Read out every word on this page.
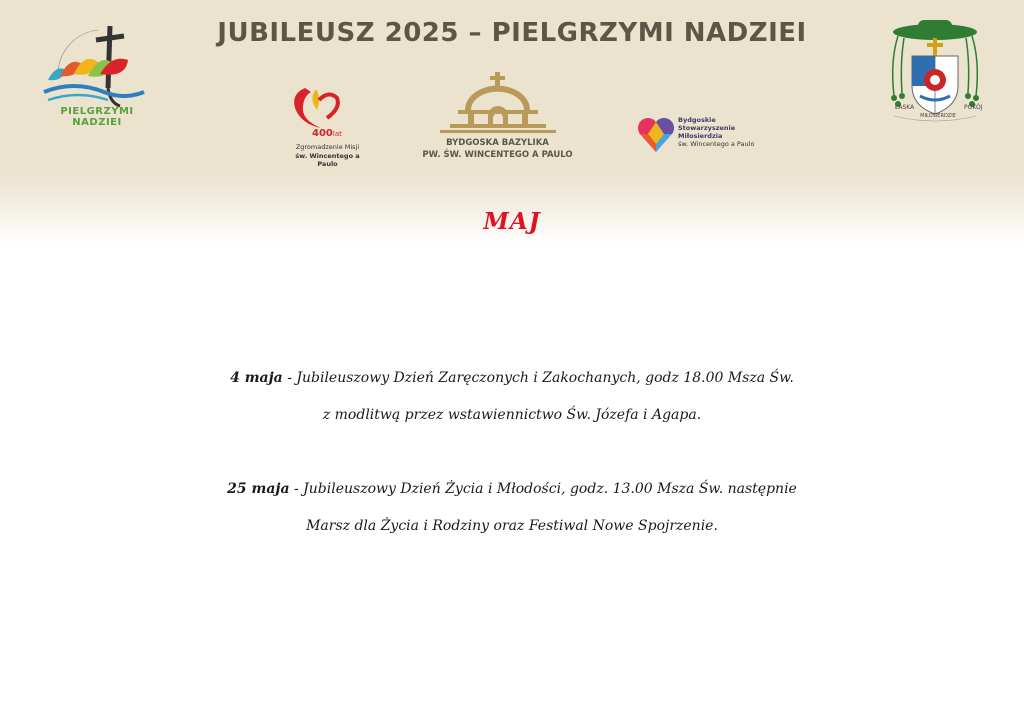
PIELGRZYMI NADZIEI
JUBILEUSZ 2025 – PIELGRZYMI NADZIEI
400lat
Zgromadzenie Misji
św. Wincentego a Paulo
BYDGOSKA BAZYLIKA
PW. ŚW. WINCENTEGO A PAULO
Bydgoskie
Stowarzyszenie
Miłosierdzia
św. Wincentego a Paulo
ŁASKA	POKÓJ
MIŁOSIERDZIE
MAJ
4 maja - Jubileuszowy Dzień Zaręczonych i Zakochanych, godz 18.00 Msza Św.
z modlitwą przez wstawiennictwo Św. Józefa i Agapa.
25 maja - Jubileuszowy Dzień Życia i Młodości, godz. 13.00 Msza Św. następnie
Marsz dla Życia i Rodziny oraz Festiwal Nowe Spojrzenie.
